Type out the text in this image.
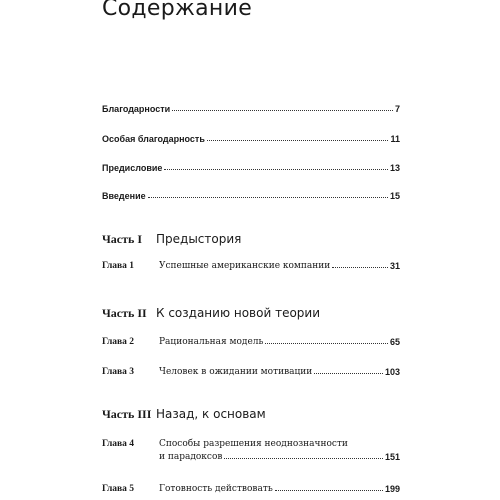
Содержание
Благодарности	7
Особая благодарность	11
Предисловие	13
Введение	15
Часть I	Предыстория
Глава 1	Успешные американские компании	31
Часть II К созданию новой теории
Глава 2	Рациональная модель	65
Глава 3	Человек в ожидании мотивации	103
Часть III Назад, к основам
Глава 4	Способы разрешения неоднозначности
и парадоксов	151
Глава 5	Готовность действовать	199
